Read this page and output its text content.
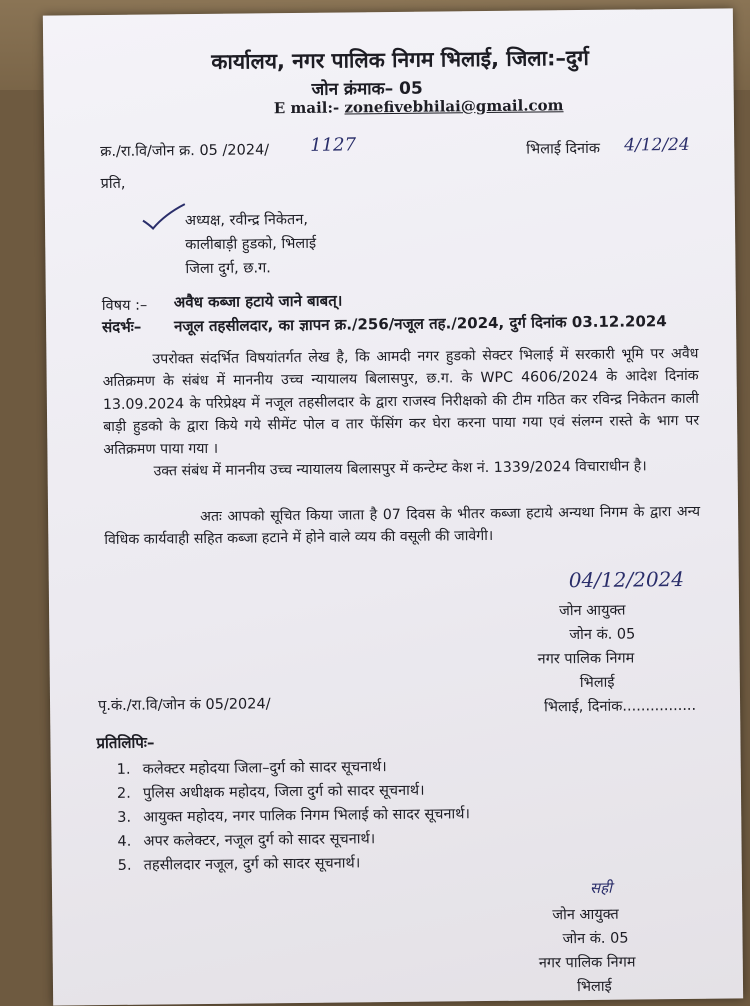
कार्यालय, नगर पालिक निगम भिलाई, जिला:–दुर्ग
जोन क्रंमाक– 05
E mail:- zonefivebhilai@gmail.com
क्र./रा.वि/जोन क्र. 05 /2024/ 1127	भिलाई दिनांक 4/12/24
प्रति,
अध्यक्ष, रवीन्द्र निकेतन,
कालीबाड़ी हुडको, भिलाई
जिला दुर्ग, छ.ग.
विषय :– अवैध कब्जा हटाये जाने बाबत्।
संदर्भः– नजूल तहसीलदार, का ज्ञापन क्र./256/नजूल तह./2024, दुर्ग दिनांक 03.12.2024
उपरोक्त संदर्भित विषयांतर्गत लेख है, कि आमदी नगर हुडको सेक्टर भिलाई में सरकारी भूमि पर अवैध अतिक्रमण के संबंध में माननीय उच्च न्यायालय बिलासपुर, छ.ग. के WPC 4606/2024 के आदेश दिनांक 13.09.2024 के परिप्रेक्ष्य में नजूल तहसीलदार के द्वारा राजस्व निरीक्षको की टीम गठित कर रविन्द्र निकेतन काली बाड़ी हुडको के द्वारा किये गये सीमेंट पोल व तार फेंसिंग कर घेरा करना पाया गया एवं संलग्न रास्ते के भाग पर अतिक्रमण पाया गया ।
उक्त संबंध में माननीय उच्च न्यायालय बिलासपुर में कन्टेम्ट केश नं. 1339/2024 विचाराधीन है।
अतः आपको सूचित किया जाता है 07 दिवस के भीतर कब्जा हटाये अन्यथा निगम के द्वारा अन्य विधिक कार्यवाही सहित कब्जा हटाने में होने वाले व्यय की वसूली की जावेगी।
04/12/2024
जोन आयुक्त
जोन कं. 05
नगर पालिक निगम
भिलाई
पृ.कं./रा.वि/जोन कं 05/2024/	भिलाई, दिनांक................
प्रतिलिपिः–
1. कलेक्टर महोदया जिला–दुर्ग को सादर सूचनार्थ।
2. पुलिस अधीक्षक महोदय, जिला दुर्ग को सादर सूचनार्थ।
3. आयुक्त महोदय, नगर पालिक निगम भिलाई को सादर सूचनार्थ।
4. अपर कलेक्टर, नजूल दुर्ग को सादर सूचनार्थ।
5. तहसीलदार नजूल, दुर्ग को सादर सूचनार्थ।
सही
जोन आयुक्त
जोन कं. 05
नगर पालिक निगम
भिलाई
